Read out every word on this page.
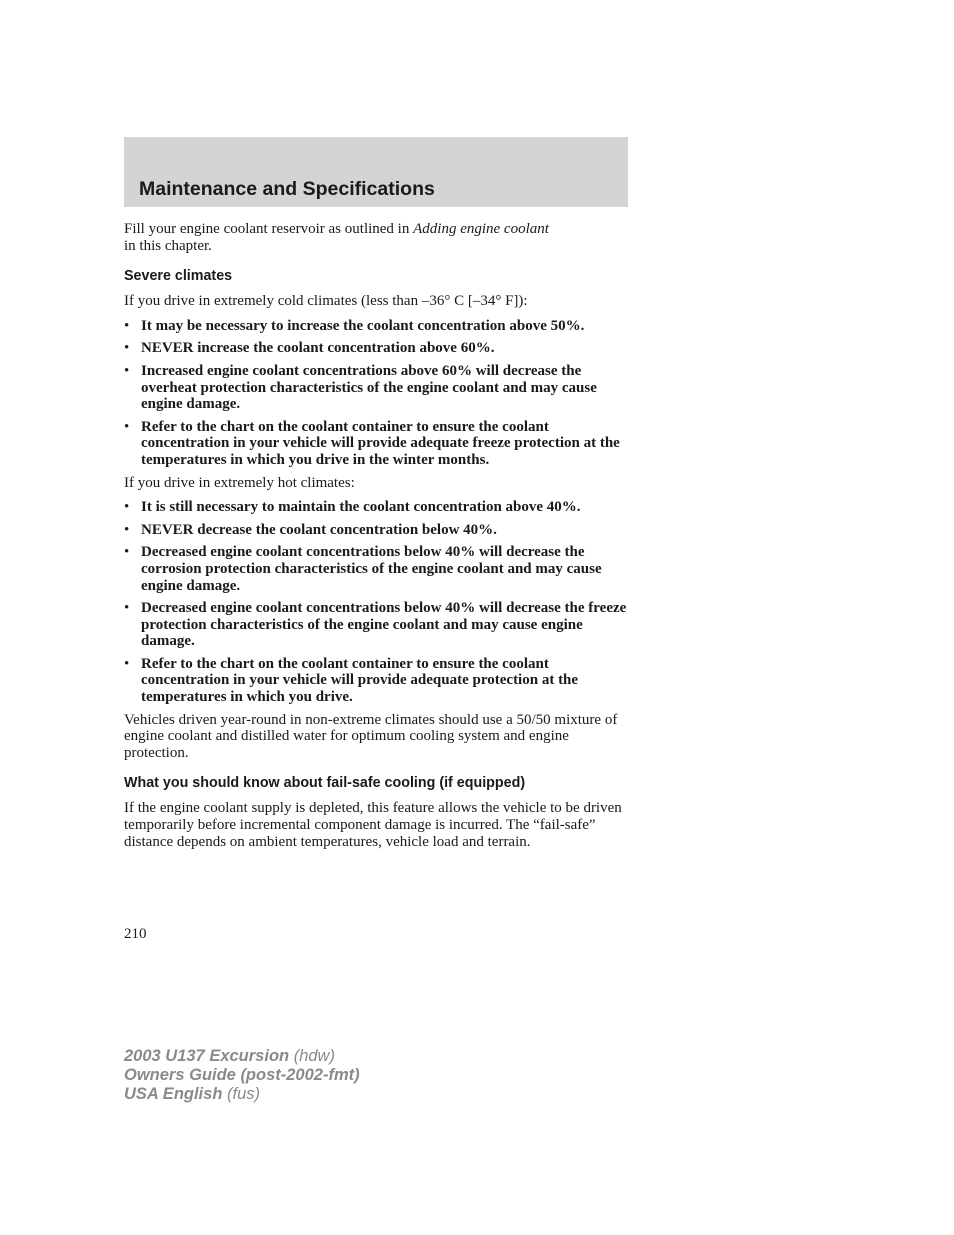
Maintenance and Specifications

Fill your engine coolant reservoir as outlined in Adding engine coolant
in this chapter.

Severe climates

If you drive in extremely cold climates (less than –36° C [–34° F]):

• It may be necessary to increase the coolant concentration above 50%.
• NEVER increase the coolant concentration above 60%.
• Increased engine coolant concentrations above 60% will decrease the overheat protection characteristics of the engine coolant and may cause engine damage.
• Refer to the chart on the coolant container to ensure the coolant concentration in your vehicle will provide adequate freeze protection at the temperatures in which you drive in the winter months.

If you drive in extremely hot climates:

• It is still necessary to maintain the coolant concentration above 40%.
• NEVER decrease the coolant concentration below 40%.
• Decreased engine coolant concentrations below 40% will decrease the corrosion protection characteristics of the engine coolant and may cause engine damage.
• Decreased engine coolant concentrations below 40% will decrease the freeze protection characteristics of the engine coolant and may cause engine damage.
• Refer to the chart on the coolant container to ensure the coolant concentration in your vehicle will provide adequate protection at the temperatures in which you drive.

Vehicles driven year-round in non-extreme climates should use a 50/50 mixture of engine coolant and distilled water for optimum cooling system and engine protection.

What you should know about fail-safe cooling (if equipped)

If the engine coolant supply is depleted, this feature allows the vehicle to be driven temporarily before incremental component damage is incurred. The “fail-safe” distance depends on ambient temperatures, vehicle load and terrain.

210
2003 U137 Excursion (hdw)
Owners Guide (post-2002-fmt)
USA English (fus)
